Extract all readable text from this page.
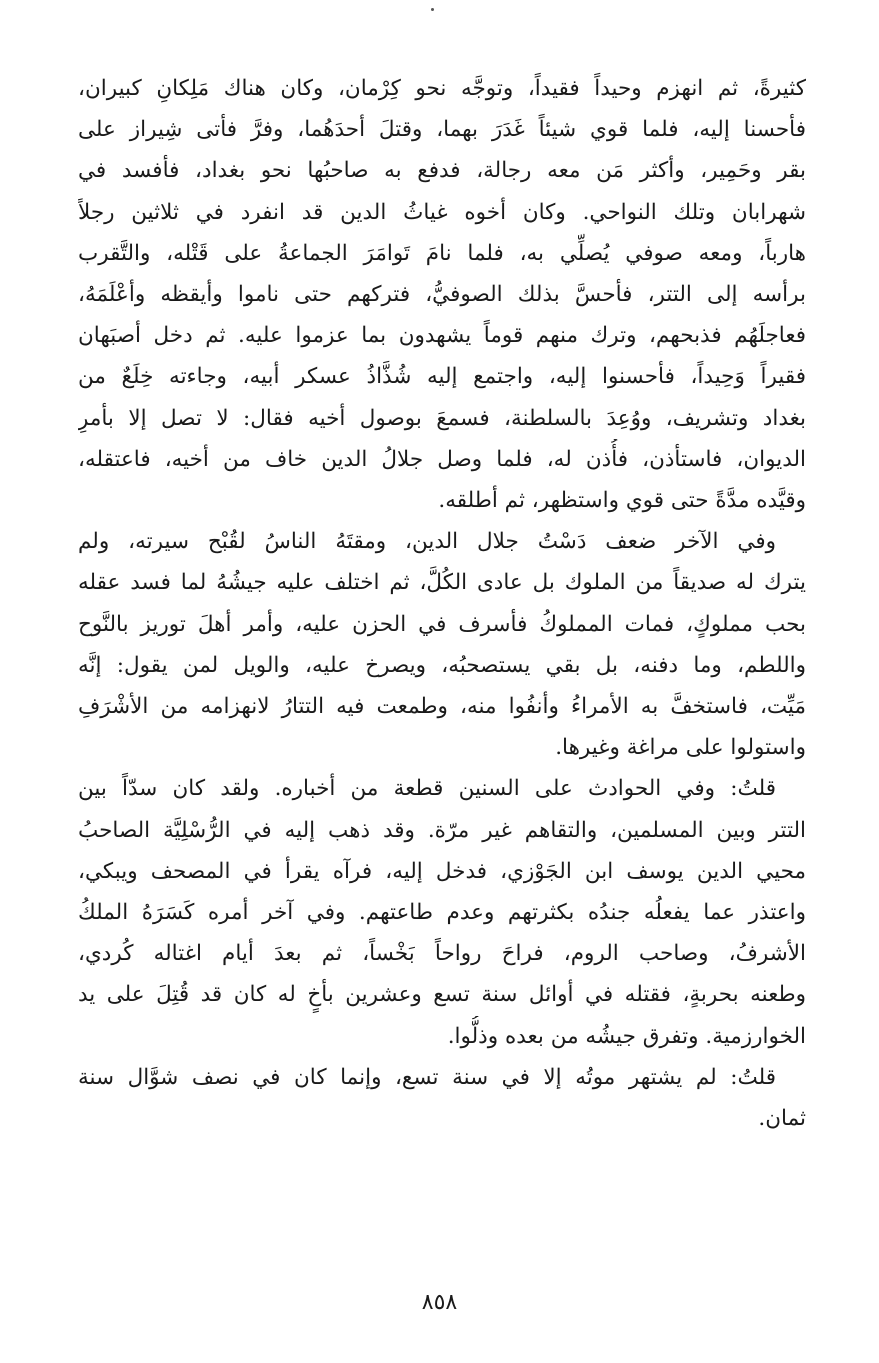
كثيرةً، ثم انهزم وحيداً فقيداً، وتوجَّه نحو كِرْمان، وكان هناك مَلِكانِ كبيران،
فأحسنا إليه، فلما قوي شيئاً غَدَرَ بهما، وقتلَ أحدَهُما، وفرَّ فأتى شِيراز على
بقر وحَمِير، وأكثر مَن معه رجالة، فدفع به صاحبُها نحو بغداد، فأفسد في
شهرابان وتلك النواحي. وكان أخوه غياثُ الدين قد انفرد في ثلاثين رجلاً
هارباً، ومعه صوفي يُصلِّي به، فلما نامَ تَوامَرَ الجماعةُ على قَتْله، والتَّقرب
برأسه إلى التتر، فأحسَّ بذلك الصوفيُّ، فتركهم حتى ناموا وأيقظه وأعْلَمَهُ،
فعاجلَهُم فذبحهم، وترك منهم قوماً يشهدون بما عزموا عليه. ثم دخل أصبَهان
فقيراً وَحِيداً، فأحسنوا إليه، واجتمع إليه شُذَّاذُ عسكر أبيه، وجاءته خِلَعٌ من
بغداد وتشريف، ووُعِدَ بالسلطنة، فسمعَ بوصول أخيه فقال: لا تصل إلا بأمرِ
الديوان، فاستأذن، فأُذن له، فلما وصل جلالُ الدين خاف من أخيه، فاعتقله،
وقيَّده مدَّةً حتى قوي واستظهر، ثم أطلقه.

وفي الآخر ضعف دَسْتُ جلال الدين، ومقتَهُ الناسُ لقُبْح سيرته، ولم
يترك له صديقاً من الملوك بل عادى الكُلَّ، ثم اختلف عليه جيشُهُ لما فسد عقله
بحب مملوكٍ، فمات المملوكُ فأسرف في الحزن عليه، وأمر أهلَ توريز بالنَّوح
واللطم، وما دفنه، بل بقي يستصحبُه، ويصرخ عليه، والويل لمن يقول: إنَّه
مَيِّت، فاستخفَّ به الأمراءُ وأنفُوا منه، وطمعت فيه التتارُ لانهزامه من الأشْرَفِ
واستولوا على مراغة وغيرها.

قلتُ: وفي الحوادث على السنين قطعة من أخباره. ولقد كان سدّاً بين
التتر وبين المسلمين، والتقاهم غير مرّة. وقد ذهب إليه في الرُّسْلِيَّة الصاحبُ
محيي الدين يوسف ابن الجَوْزي، فدخل إليه، فرآه يقرأ في المصحف ويبكي،
واعتذر عما يفعلُه جندُه بكثرتهم وعدم طاعتهم. وفي آخر أمره كَسَرَهُ الملكُ
الأشرفُ، وصاحب الروم، فراحَ رواحاً بَخْساً، ثم بعدَ أيام اغتاله كُردي،
وطعنه بحربةٍ، فقتله في أوائل سنة تسع وعشرين بأخٍ له كان قد قُتِلَ على يد
الخوارزمية. وتفرق جيشُه من بعده وذلُّوا.

قلتُ: لم يشتهر موتُه إلا في سنة تسع، وإنما كان في نصف شوَّال سنة
ثمان.

٨٥٨
